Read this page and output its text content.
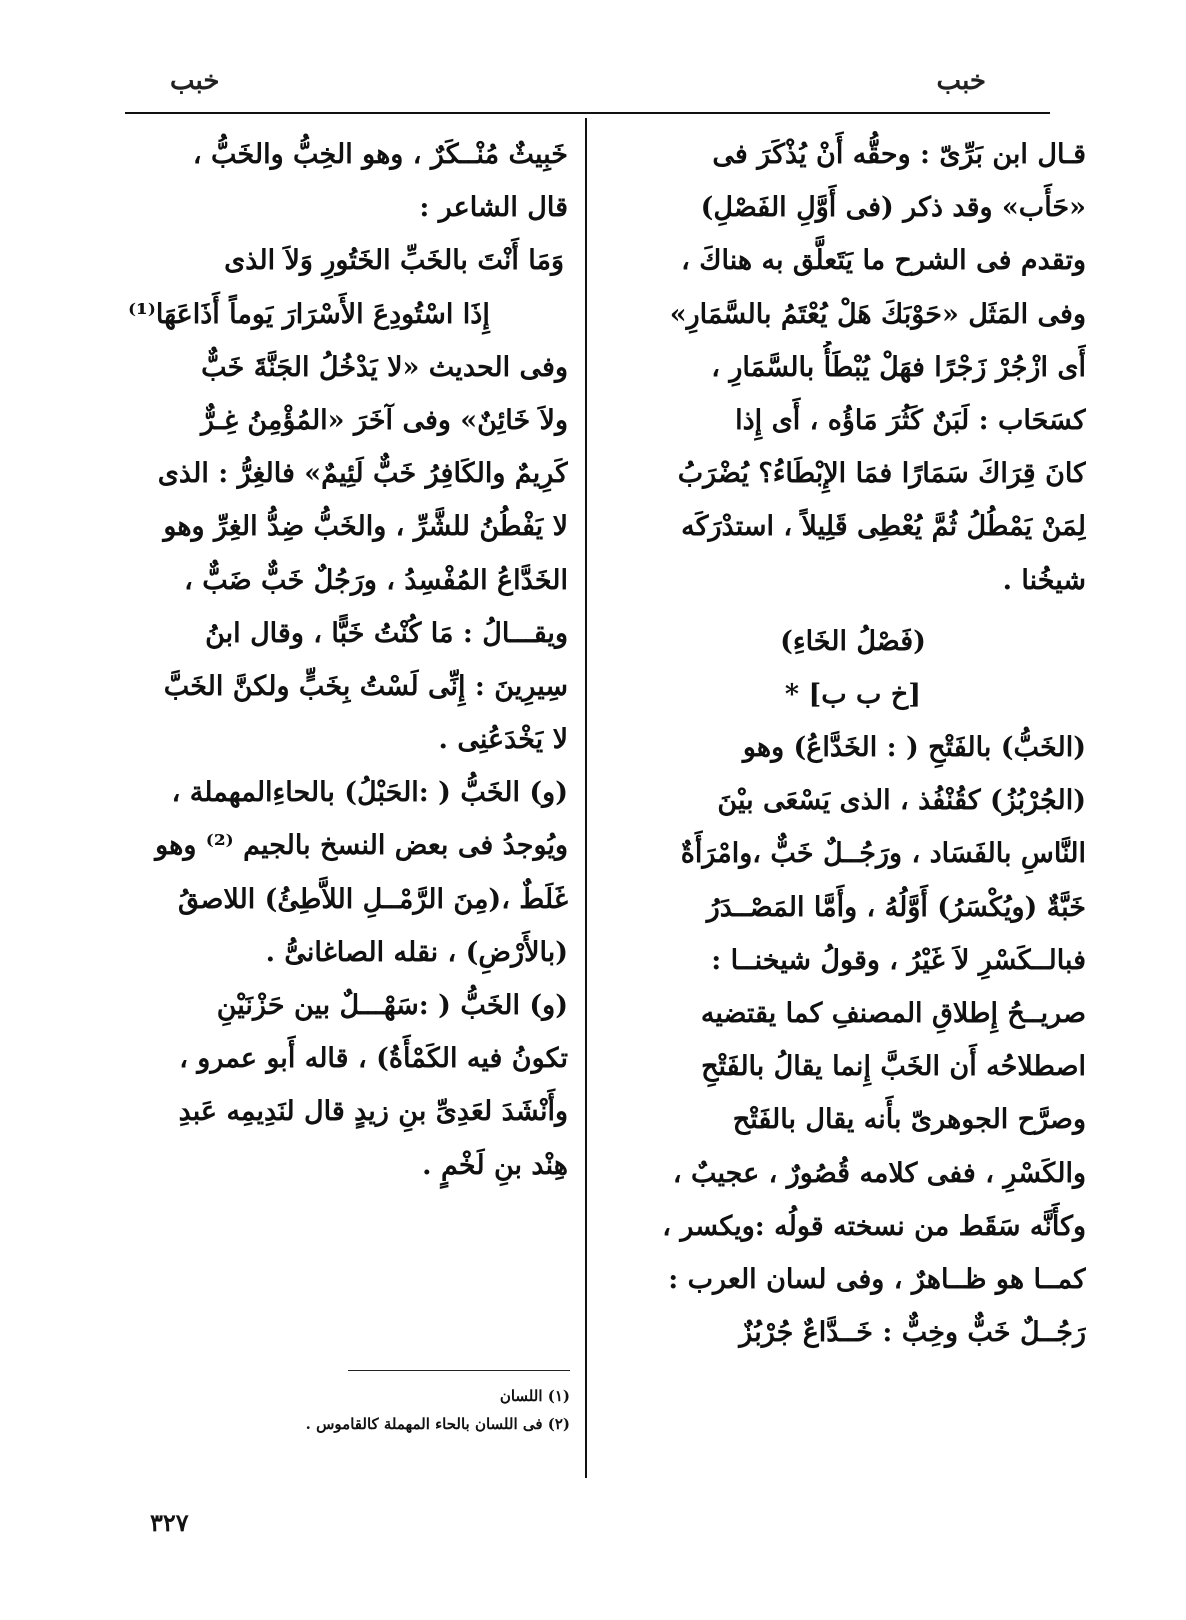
خبب
خبب
قـال ابن بَرِّىّ : وحقُّه أَنْ يُذْكَرَ فى
«حَأَب» وقد ذكر (فى أَوَّلِ الفَصْلِ)
وتقدم فى الشرح ما يَتَعلَّق به هناكَ ،
وفى المَثَل «حَوْبَكَ هَلْ يُعْتَمُ بالسَّمَارِ»
أَى ازْجُرْ زَجْرًا فهَلْ يُبْطَأُ بالسَّمَارِ ،
كسَحَاب : لَبَنٌ كَثُرَ مَاؤُه ، أَى إِذا
كانَ قِرَاكَ سَمَارًا فمَا الإِبْطَاءُ؟ يُضْرَبُ
لِمَنْ يَمْطُلُ ثُمَّ يُعْطِى قَلِيلاً ، استدْرَكَه
شيخُنا .
(فَصْلُ الخَاءِ)
[خ ب ب] *
(الخَبُّ) بالفَتْحِ ( : الخَدَّاعُ) وهو
(الجُرْبُزُ) كقُنْفُذ ، الذى يَسْعَى بيْنَ
النَّاسِ بالفَسَاد ، ورَجُــلٌ خَبٌّ ،وامْرَأَةٌ
خَبَّةٌ (ويُكْسَرُ) أَوَّلُهُ ، وأَمَّا المَصْــدَرُ
فبالــكَسْرِ لاَ غَيْرُ ، وقولُ شيخنــا :
صريــحُ إِطلاقِ المصنفِ كما يقتضيه
اصطلاحُه أَن الخَبَّ إِنما يقالُ بالفَتْحِ
وصرَّح الجوهرىّ بأَنه يقال بالفَتْح
والكَسْرِ ، ففى كلامه قُصُورٌ ، عجيبٌ ،
وكأَنَّه سَقَط من نسخته قولُه :ويكسر ،
كمــا هو ظــاهرٌ ، وفى لسان العرب :
رَجُــلٌ خَبٌّ وخِبٌّ : خَــدَّاعٌ جُرْبُزٌ
خَبِيثٌ مُنْــكَرٌ ، وهو الخِبُّ والخَبُّ ،
قال الشاعر :
وَمَا أَنْتَ بالخَبِّ الخَتُورِ وَلاَ الذى
إِذَا اسْتُودِعَ الأَسْرَارَ يَوماً أَذَاعَهَا⁽¹⁾
وفى الحديث «لا يَدْخُلُ الجَنَّةَ خَبٌّ
ولاَ خَائِنٌ» وفى آخَرَ «المُؤْمِنُ غِـرٌّ
كَرِيمٌ والكَافِرُ خَبٌّ لَئِيمٌ» فالغِرُّ : الذى
لا يَفْطُنُ للشَّرِّ ، والخَبُّ ضِدُّ الغِرِّ وهو
الخَدَّاعُ المُفْسِدُ ، ورَجُلٌ خَبٌّ ضَبٌّ ،
ويقـــالُ : مَا كُنْتُ خَبًّا ، وقال ابنُ
سِيرِينَ : إِنِّى لَسْتُ بِخَبٍّ ولكنَّ الخَبَّ
لا يَخْدَعُنِى .
(و) الخَبُّ ( :الحَبْلُ) بالحاءِالمهملة ،
ويُوجدُ فى بعض النسخ بالجيم ⁽²⁾ وهو
غَلَطٌ ،(مِنَ الرَّمْــلِ اللاَّطِئُ) اللاصقُ
(بالأَرْضِ) ، نقله الصاغانىُّ .
(و) الخَبُّ ( :سَهْـــلٌ بين حَزْنَيْنِ
تكونُ فيه الكَمْأَةُ) ، قاله أَبو عمرو ،
وأَنْشَدَ لعَدِىِّ بنِ زيدٍ قال لنَدِيمِه عَبدِ
هِنْد بنِ لَخْمٍ .
(١) اللسان
(٢) فى اللسان بالحاء المهملة كالقاموس .
٣٢٧
